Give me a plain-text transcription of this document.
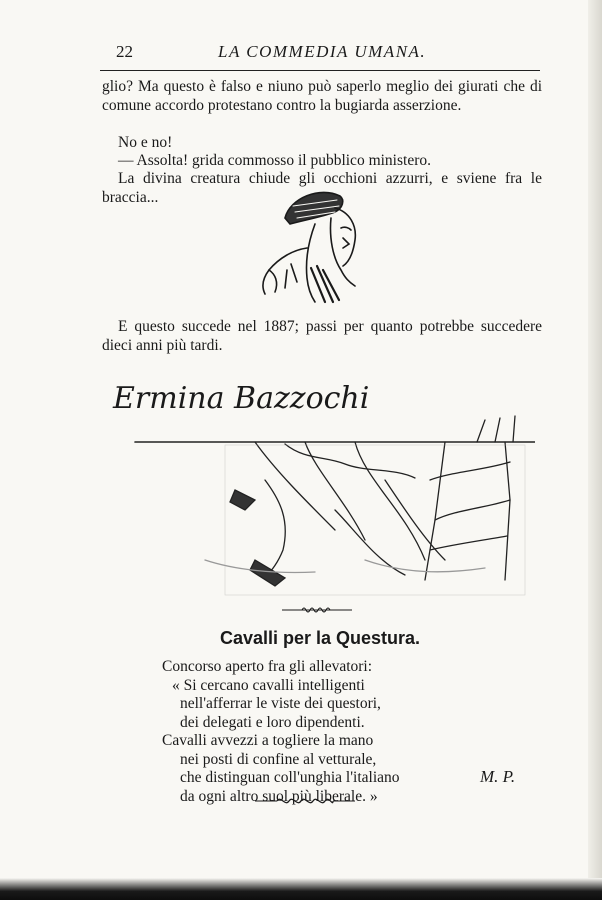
22	LA COMMEDIA UMANA.

glio? Ma questo è falso e niuno può saperlo meglio dei giurati che di comune accordo protestano contro la bugiarda asserzione.

No e no!

— Assolta! grida commosso il pubblico ministero.

La divina creatura chiude gli occhioni azzurri, e sviene fra le braccia...

E questo succede nel 1887; passi per quanto potrebbe succedere dieci anni più tardi.

Ermina Bazzochi
Cavalli per la Questura.
Concorso aperto fra gli allevatori:
« Si cercano cavalli intelligenti
nell'afferrar le viste dei questori,
dei delegati e loro dipendenti.
Cavalli avvezzi a togliere la mano
nei posti di confine al vetturale,
che distinguan coll'unghia l'italiano
da ogni altro suol più liberale. »
M. P.
